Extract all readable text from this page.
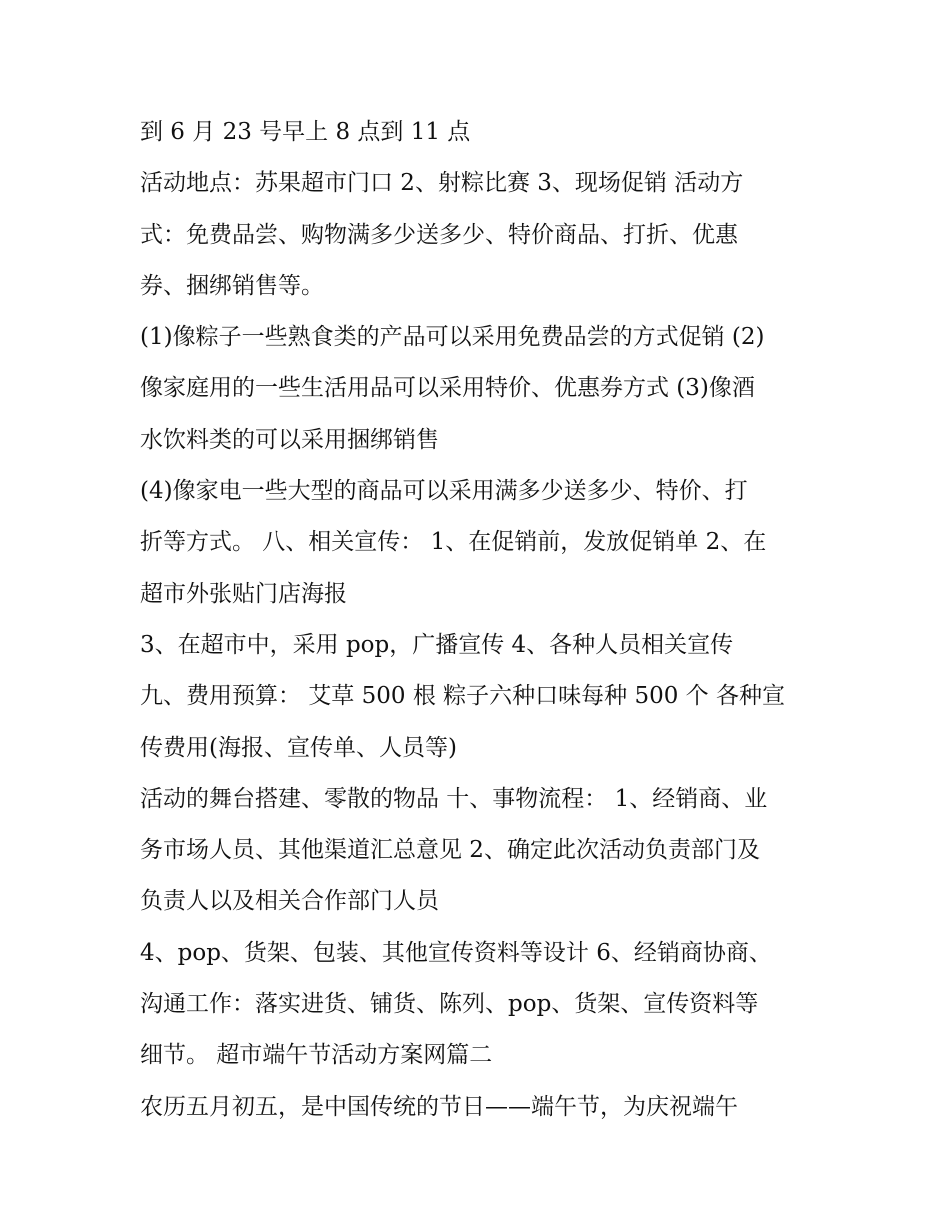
到 6 月 23 号早上 8 点到 11 点
活动地点：苏果超市门口 2、射粽比赛 3、现场促销 活动方
式：免费品尝、购物满多少送多少、特价商品、打折、优惠
券、捆绑销售等。
(1)像粽子一些熟食类的产品可以采用免费品尝的方式促销 (2)
像家庭用的一些生活用品可以采用特价、优惠券方式 (3)像酒
水饮料类的可以采用捆绑销售
(4)像家电一些大型的商品可以采用满多少送多少、特价、打
折等方式。 八、相关宣传： 1、在促销前，发放促销单 2、在
超市外张贴门店海报
3、在超市中，采用 pop，广播宣传 4、各种人员相关宣传
九、费用预算： 艾草 500 根 粽子六种口味每种 500 个 各种宣
传费用(海报、宣传单、人员等)
活动的舞台搭建、零散的物品 十、事物流程： 1、经销商、业
务市场人员、其他渠道汇总意见 2、确定此次活动负责部门及
负责人以及相关合作部门人员
4、pop、货架、包装、其他宣传资料等设计 6、经销商协商、
沟通工作：落实进货、铺货、陈列、pop、货架、宣传资料等
细节。 超市端午节活动方案网篇二
农历五月初五，是中国传统的节日——端午节，为庆祝端午
